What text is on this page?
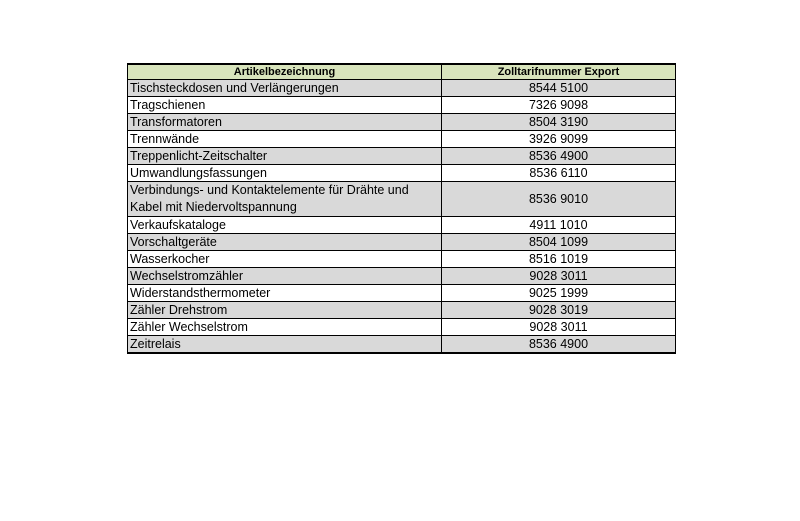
Artikelbezeichnung	Zolltarifnummer Export
Tischsteckdosen und Verlängerungen	8544 5100
Tragschienen	7326 9098
Transformatoren	8504 3190
Trennwände	3926 9099
Treppenlicht-Zeitschalter	8536 4900
Umwandlungsfassungen	8536 6110
Verbindungs- und Kontaktelemente für Drähte und Kabel mit Niedervoltspannung	8536 9010
Verkaufskataloge	4911 1010
Vorschaltgeräte	8504 1099
Wasserkocher	8516 1019
Wechselstromzähler	9028 3011
Widerstandsthermometer	9025 1999
Zähler Drehstrom	9028 3019
Zähler Wechselstrom	9028 3011
Zeitrelais	8536 4900
